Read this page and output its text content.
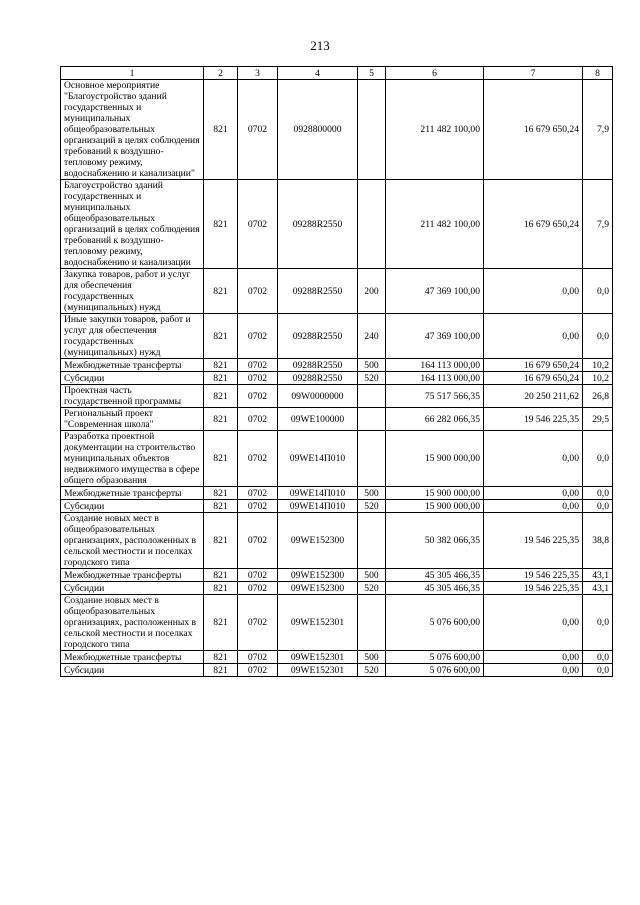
213
1	2	3	4	5	6	7	8
Основное мероприятие "Благоустройство зданий государственных и муниципальных общеобразовательных организаций в целях соблюдения требований к воздушно-тепловому режиму, водоснабжению и канализации"	821	0702	0928800000		211 482 100,00	16 679 650,24	7,9
Благоустройство зданий государственных и муниципальных общеобразовательных организаций в целях соблюдения требований к воздушно-тепловому режиму, водоснабжению и канализации	821	0702	09288R2550		211 482 100,00	16 679 650,24	7,9
Закупка товаров, работ и услуг для обеспечения государственных (муниципальных) нужд	821	0702	09288R2550	200	47 369 100,00	0,00	0,0
Иные закупки товаров, работ и услуг для обеспечения государственных (муниципальных) нужд	821	0702	09288R2550	240	47 369 100,00	0,00	0,0
Межбюджетные трансферты	821	0702	09288R2550	500	164 113 000,00	16 679 650,24	10,2
Субсидии	821	0702	09288R2550	520	164 113 000,00	16 679 650,24	10,2
Проектная часть государственной программы	821	0702	09W0000000		75 517 566,35	20 250 211,62	26,8
Региональный проект "Современная школа"	821	0702	09WE100000		66 282 066,35	19 546 225,35	29,5
Разработка проектной документации на строительство муниципальных объектов недвижимого имущества в сфере общего образования	821	0702	09WE14П010		15 900 000,00	0,00	0,0
Межбюджетные трансферты	821	0702	09WE14П010	500	15 900 000,00	0,00	0,0
Субсидии	821	0702	09WE14П010	520	15 900 000,00	0,00	0,0
Создание новых мест в общеобразовательных организациях, расположенных в сельской местности и поселках городского типа	821	0702	09WE152300		50 382 066,35	19 546 225,35	38,8
Межбюджетные трансферты	821	0702	09WE152300	500	45 305 466,35	19 546 225,35	43,1
Субсидии	821	0702	09WE152300	520	45 305 466,35	19 546 225,35	43,1
Создание новых мест в общеобразовательных организациях, расположенных в сельской местности и поселках городского типа	821	0702	09WE152301		5 076 600,00	0,00	0,0
Межбюджетные трансферты	821	0702	09WE152301	500	5 076 600,00	0,00	0,0
Субсидии	821	0702	09WE152301	520	5 076 600,00	0,00	0,0
